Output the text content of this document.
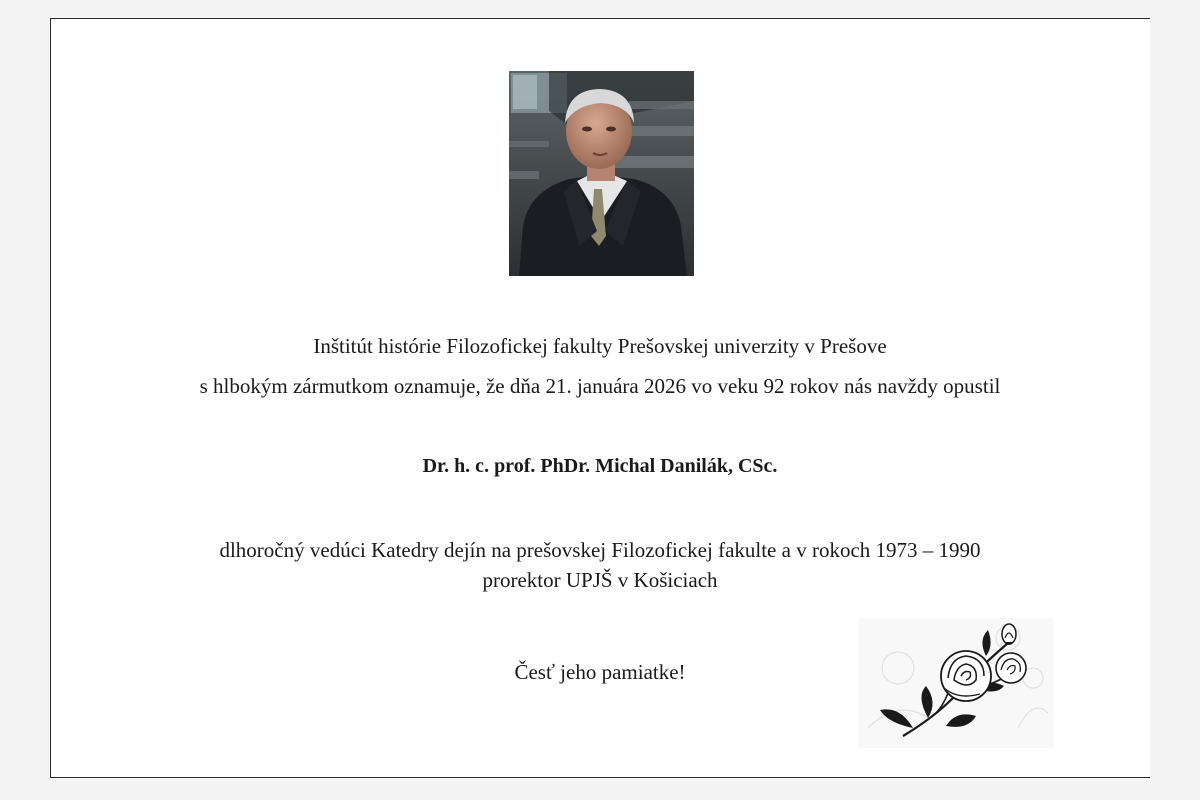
Inštitút histórie Filozofickej fakulty Prešovskej univerzity v Prešove
s hlbokým zármutkom oznamuje, že dňa 21. januára 2026 vo veku 92 rokov nás navždy opustil
Dr. h. c. prof. PhDr. Michal Danilák, CSc.
dlhoročný vedúci Katedry dejín na prešovskej Filozofickej fakulte a v rokoch 1973 – 1990
prorektor UPJŠ v Košiciach
Česť jeho pamiatke!
